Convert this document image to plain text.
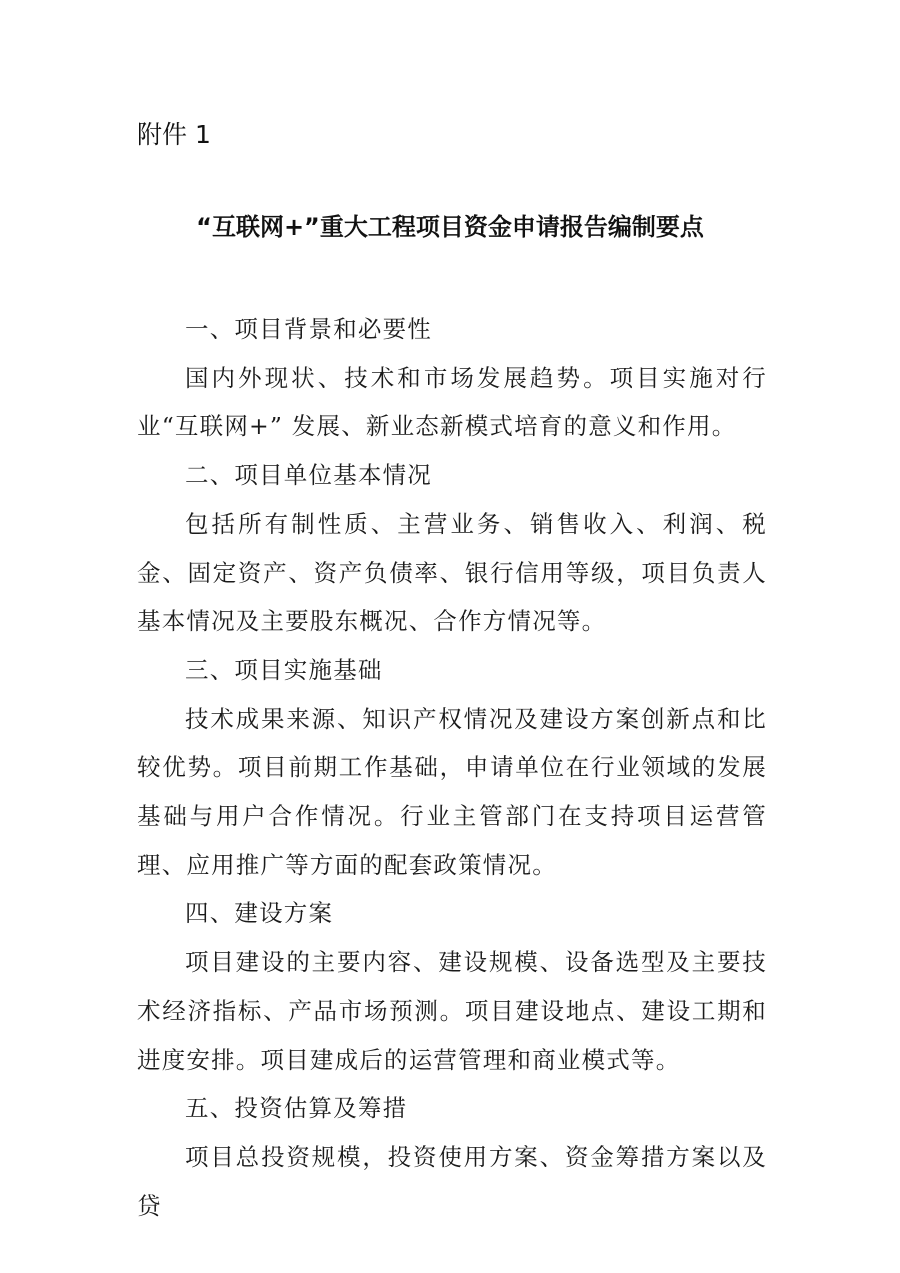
附件 1
“互联网+”重大工程项目资金申请报告编制要点

一、项目背景和必要性

国内外现状、技术和市场发展趋势。项目实施对行业“互联网+” 发展、新业态新模式培育的意义和作用。

二、项目单位基本情况

包括所有制性质、主营业务、销售收入、利润、税金、固定资产、资产负债率、银行信用等级，项目负责人基本情况及主要股东概况、合作方情况等。

三、项目实施基础

技术成果来源、知识产权情况及建设方案创新点和比较优势。项目前期工作基础，申请单位在行业领域的发展基础与用户合作情况。行业主管部门在支持项目运营管理、应用推广等方面的配套政策情况。

四、建设方案

项目建设的主要内容、建设规模、设备选型及主要技术经济指标、产品市场预测。项目建设地点、建设工期和进度安排。项目建成后的运营管理和商业模式等。

五、投资估算及筹措

项目总投资规模，投资使用方案、资金筹措方案以及贷
